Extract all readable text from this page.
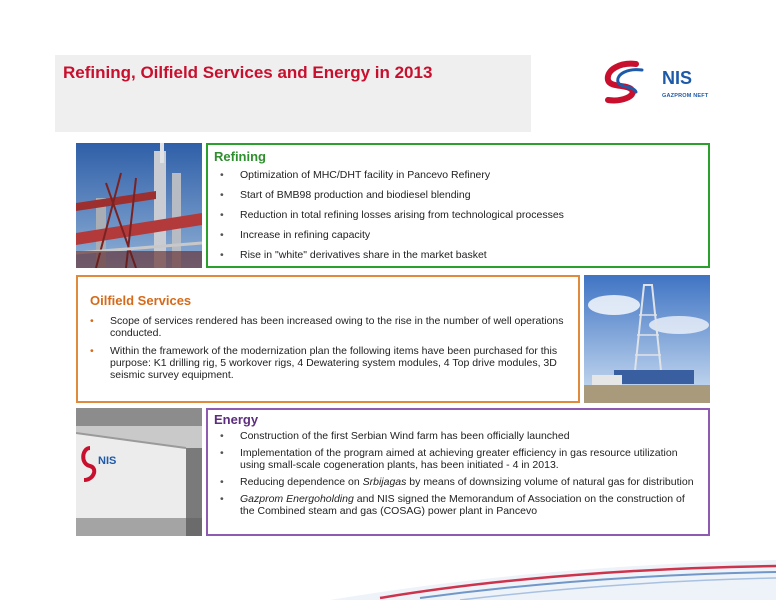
Refining, Oilfield Services and Energy in 2013	NIS
GAZPROM NEFT
Refining
• Optimization of MHC/DHT facility in Pancevo Refinery
• Start of BMB98 production and biodiesel blending
• Reduction in total refining losses arising from technological processes
• Increase in refining capacity
• Rise in "white" derivatives share in the market basket
Oilfield Services
• Scope of services rendered has been increased owing to the rise in the number of well operations conducted.
• Within the framework of the modernization plan the following items have been purchased for this purpose: K1 drilling rig, 5 workover rigs, 4 Dewatering system modules, 4 Top drive modules, 3D seismic survey equipment.
NIS
Energy
• Construction of the first Serbian Wind farm has been officially launched
• Implementation of the program aimed at achieving greater efficiency in gas resource utilization using small-scale cogeneration plants, has been initiated - 4 in 2013.
• Reducing dependence on Srbijagas by means of downsizing volume of natural gas for distribution
• Gazprom Energoholding and NIS signed the Memorandum of Association on the construction of the Combined steam and gas (COSAG) power plant in Pancevo
